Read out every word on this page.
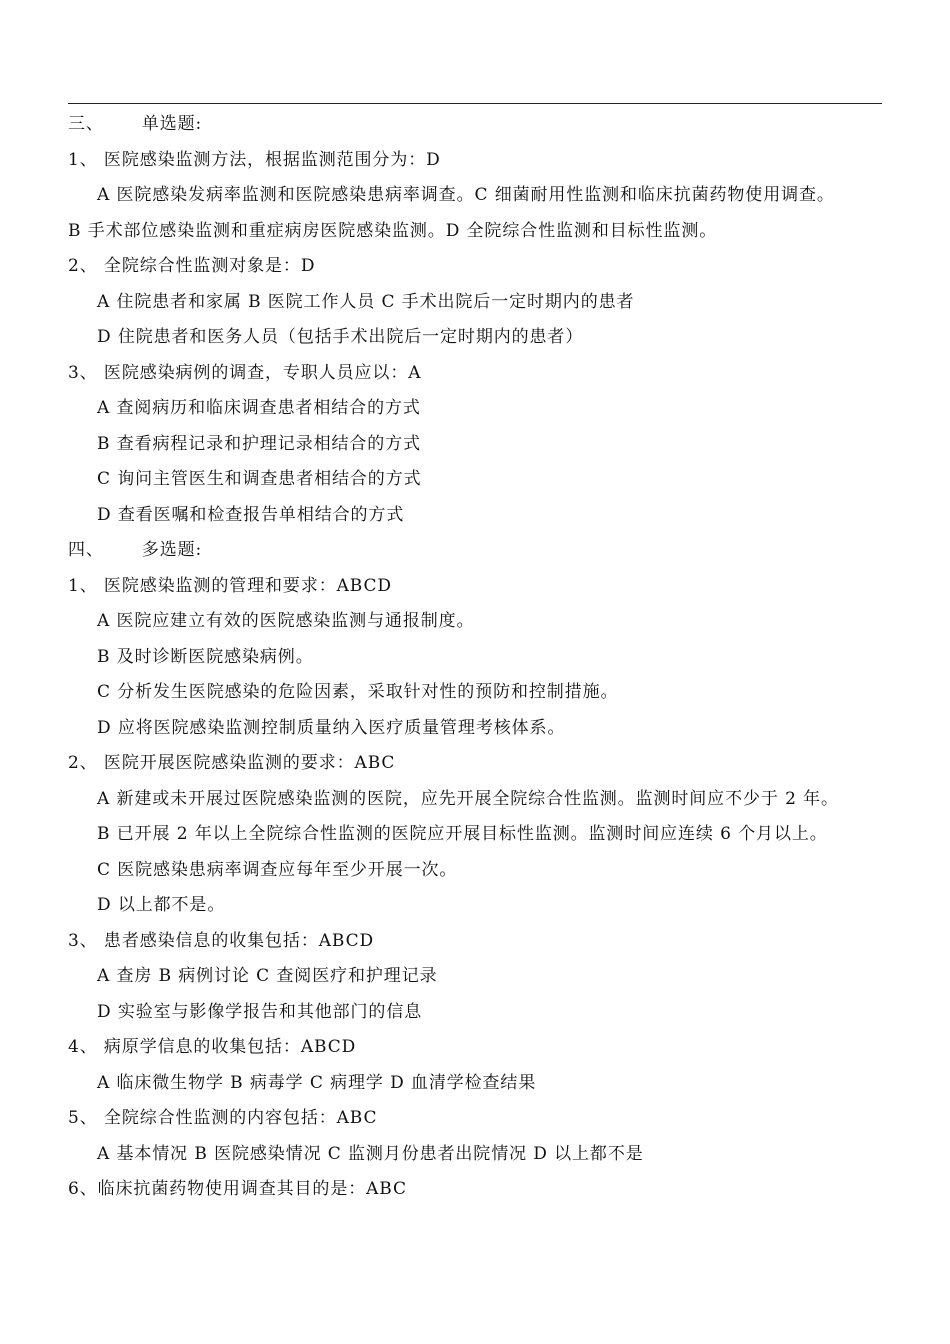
三、 单选题:
1、 医院感染监测方法，根据监测范围分为：D
A 医院感染发病率监测和医院感染患病率调查。C 细菌耐用性监测和临床抗菌药物使用调查。
B 手术部位感染监测和重症病房医院感染监测。D 全院综合性监测和目标性监测。
2、 全院综合性监测对象是：D
A 住院患者和家属 B 医院工作人员 C 手术出院后一定时期内的患者
D 住院患者和医务人员（包括手术出院后一定时期内的患者）
3、 医院感染病例的调查，专职人员应以：A
A 查阅病历和临床调查患者相结合的方式
B 查看病程记录和护理记录相结合的方式
C 询问主管医生和调查患者相结合的方式
D 查看医嘱和检查报告单相结合的方式
四、 多选题:
1、 医院感染监测的管理和要求：ABCD
A 医院应建立有效的医院感染监测与通报制度。
B 及时诊断医院感染病例。
C 分析发生医院感染的危险因素，采取针对性的预防和控制措施。
D 应将医院感染监测控制质量纳入医疗质量管理考核体系。
2、 医院开展医院感染监测的要求：ABC
A 新建或未开展过医院感染监测的医院，应先开展全院综合性监测。监测时间应不少于 2 年。
B 已开展 2 年以上全院综合性监测的医院应开展目标性监测。监测时间应连续 6 个月以上。
C 医院感染患病率调查应每年至少开展一次。
D 以上都不是。
3、 患者感染信息的收集包括：ABCD
A 查房 B 病例讨论 C 查阅医疗和护理记录
D 实验室与影像学报告和其他部门的信息
4、 病原学信息的收集包括：ABCD
A 临床微生物学 B 病毒学 C 病理学 D 血清学检查结果
5、 全院综合性监测的内容包括：ABC
A 基本情况 B 医院感染情况 C 监测月份患者出院情况 D 以上都不是
6、临床抗菌药物使用调查其目的是：ABC
